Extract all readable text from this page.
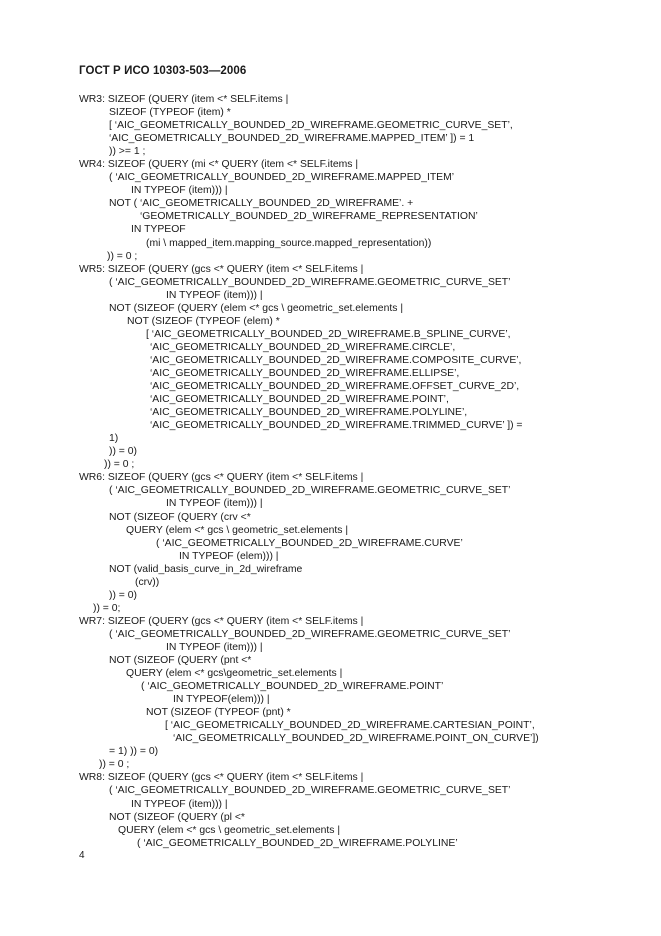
ГОСТ Р ИСО 10303-503—2006
WR3: SIZEOF (QUERY (item <* SELF.items |
SIZEOF (TYPEOF (item) *
[ ‘AIC_GEOMETRICALLY_BOUNDED_2D_WIREFRAME.GEOMETRIC_CURVE_SET’,
‘AIC_GEOMETRICALLY_BOUNDED_2D_WIREFRAME.MAPPED_ITEM’ ]) = 1
)) >= 1 ;
WR4: SIZEOF (QUERY (mi <* QUERY (item <* SELF.items |
( ‘AIC_GEOMETRICALLY_BOUNDED_2D_WIREFRAME.MAPPED_ITEM’
IN TYPEOF (item))) |
NOT ( ‘AIC_GEOMETRICALLY_BOUNDED_2D_WIREFRAME’. +
‘GEOMETRICALLY_BOUNDED_2D_WIREFRAME_REPRESENTATION’
IN TYPEOF
(mi \ mapped_item.mapping_source.mapped_representation))
)) = 0 ;
WR5: SIZEOF (QUERY (gcs <* QUERY (item <* SELF.items |
( ‘AIC_GEOMETRICALLY_BOUNDED_2D_WIREFRAME.GEOMETRIC_CURVE_SET’
IN TYPEOF (item))) |
NOT (SIZEOF (QUERY (elem <* gcs \ geometric_set.elements |
NOT (SIZEOF (TYPEOF (elem) *
[ ‘AIC_GEOMETRICALLY_BOUNDED_2D_WIREFRAME.B_SPLINE_CURVE’,
‘AIC_GEOMETRICALLY_BOUNDED_2D_WIREFRAME.CIRCLE’,
‘AIC_GEOMETRICALLY_BOUNDED_2D_WIREFRAME.COMPOSITE_CURVE’,
‘AIC_GEOMETRICALLY_BOUNDED_2D_WIREFRAME.ELLIPSE’,
‘AIC_GEOMETRICALLY_BOUNDED_2D_WIREFRAME.OFFSET_CURVE_2D’,
‘AIC_GEOMETRICALLY_BOUNDED_2D_WIREFRAME.POINT’,
‘AIC_GEOMETRICALLY_BOUNDED_2D_WIREFRAME.POLYLINE’,
‘AIC_GEOMETRICALLY_BOUNDED_2D_WIREFRAME.TRIMMED_CURVE’ ]) =
1)
)) = 0)
)) = 0 ;
WR6: SIZEOF (QUERY (gcs <* QUERY (item <* SELF.items |
( ‘AIC_GEOMETRICALLY_BOUNDED_2D_WIREFRAME.GEOMETRIC_CURVE_SET’
IN TYPEOF (item))) |
NOT (SIZEOF (QUERY (crv <*
QUERY (elem <* gcs \ geometric_set.elements |
( ‘AIC_GEOMETRICALLY_BOUNDED_2D_WIREFRAME.CURVE’
IN TYPEOF (elem))) |
NOT (valid_basis_curve_in_2d_wireframe
(crv))
)) = 0)
)) = 0;
WR7: SIZEOF (QUERY (gcs <* QUERY (item <* SELF.items |
( ‘AIC_GEOMETRICALLY_BOUNDED_2D_WIREFRAME.GEOMETRIC_CURVE_SET’
IN TYPEOF (item))) |
NOT (SIZEOF (QUERY (pnt <*
QUERY (elem <* gcs\geometric_set.elements |
( ‘AIC_GEOMETRICALLY_BOUNDED_2D_WIREFRAME.POINT’
IN TYPEOF(elem))) |
NOT (SIZEOF (TYPEOF (pnt) *
[ ‘AIC_GEOMETRICALLY_BOUNDED_2D_WIREFRAME.CARTESIAN_POINT’,
‘AIC_GEOMETRICALLY_BOUNDED_2D_WIREFRAME.POINT_ON_CURVE’])
= 1) )) = 0)
)) = 0 ;
WR8: SIZEOF (QUERY (gcs <* QUERY (item <* SELF.items |
( ‘AIC_GEOMETRICALLY_BOUNDED_2D_WIREFRAME.GEOMETRIC_CURVE_SET’
IN TYPEOF (item))) |
NOT (SIZEOF (QUERY (pl <*
QUERY (elem <* gcs \ geometric_set.elements |
( ‘AIC_GEOMETRICALLY_BOUNDED_2D_WIREFRAME.POLYLINE’
4
